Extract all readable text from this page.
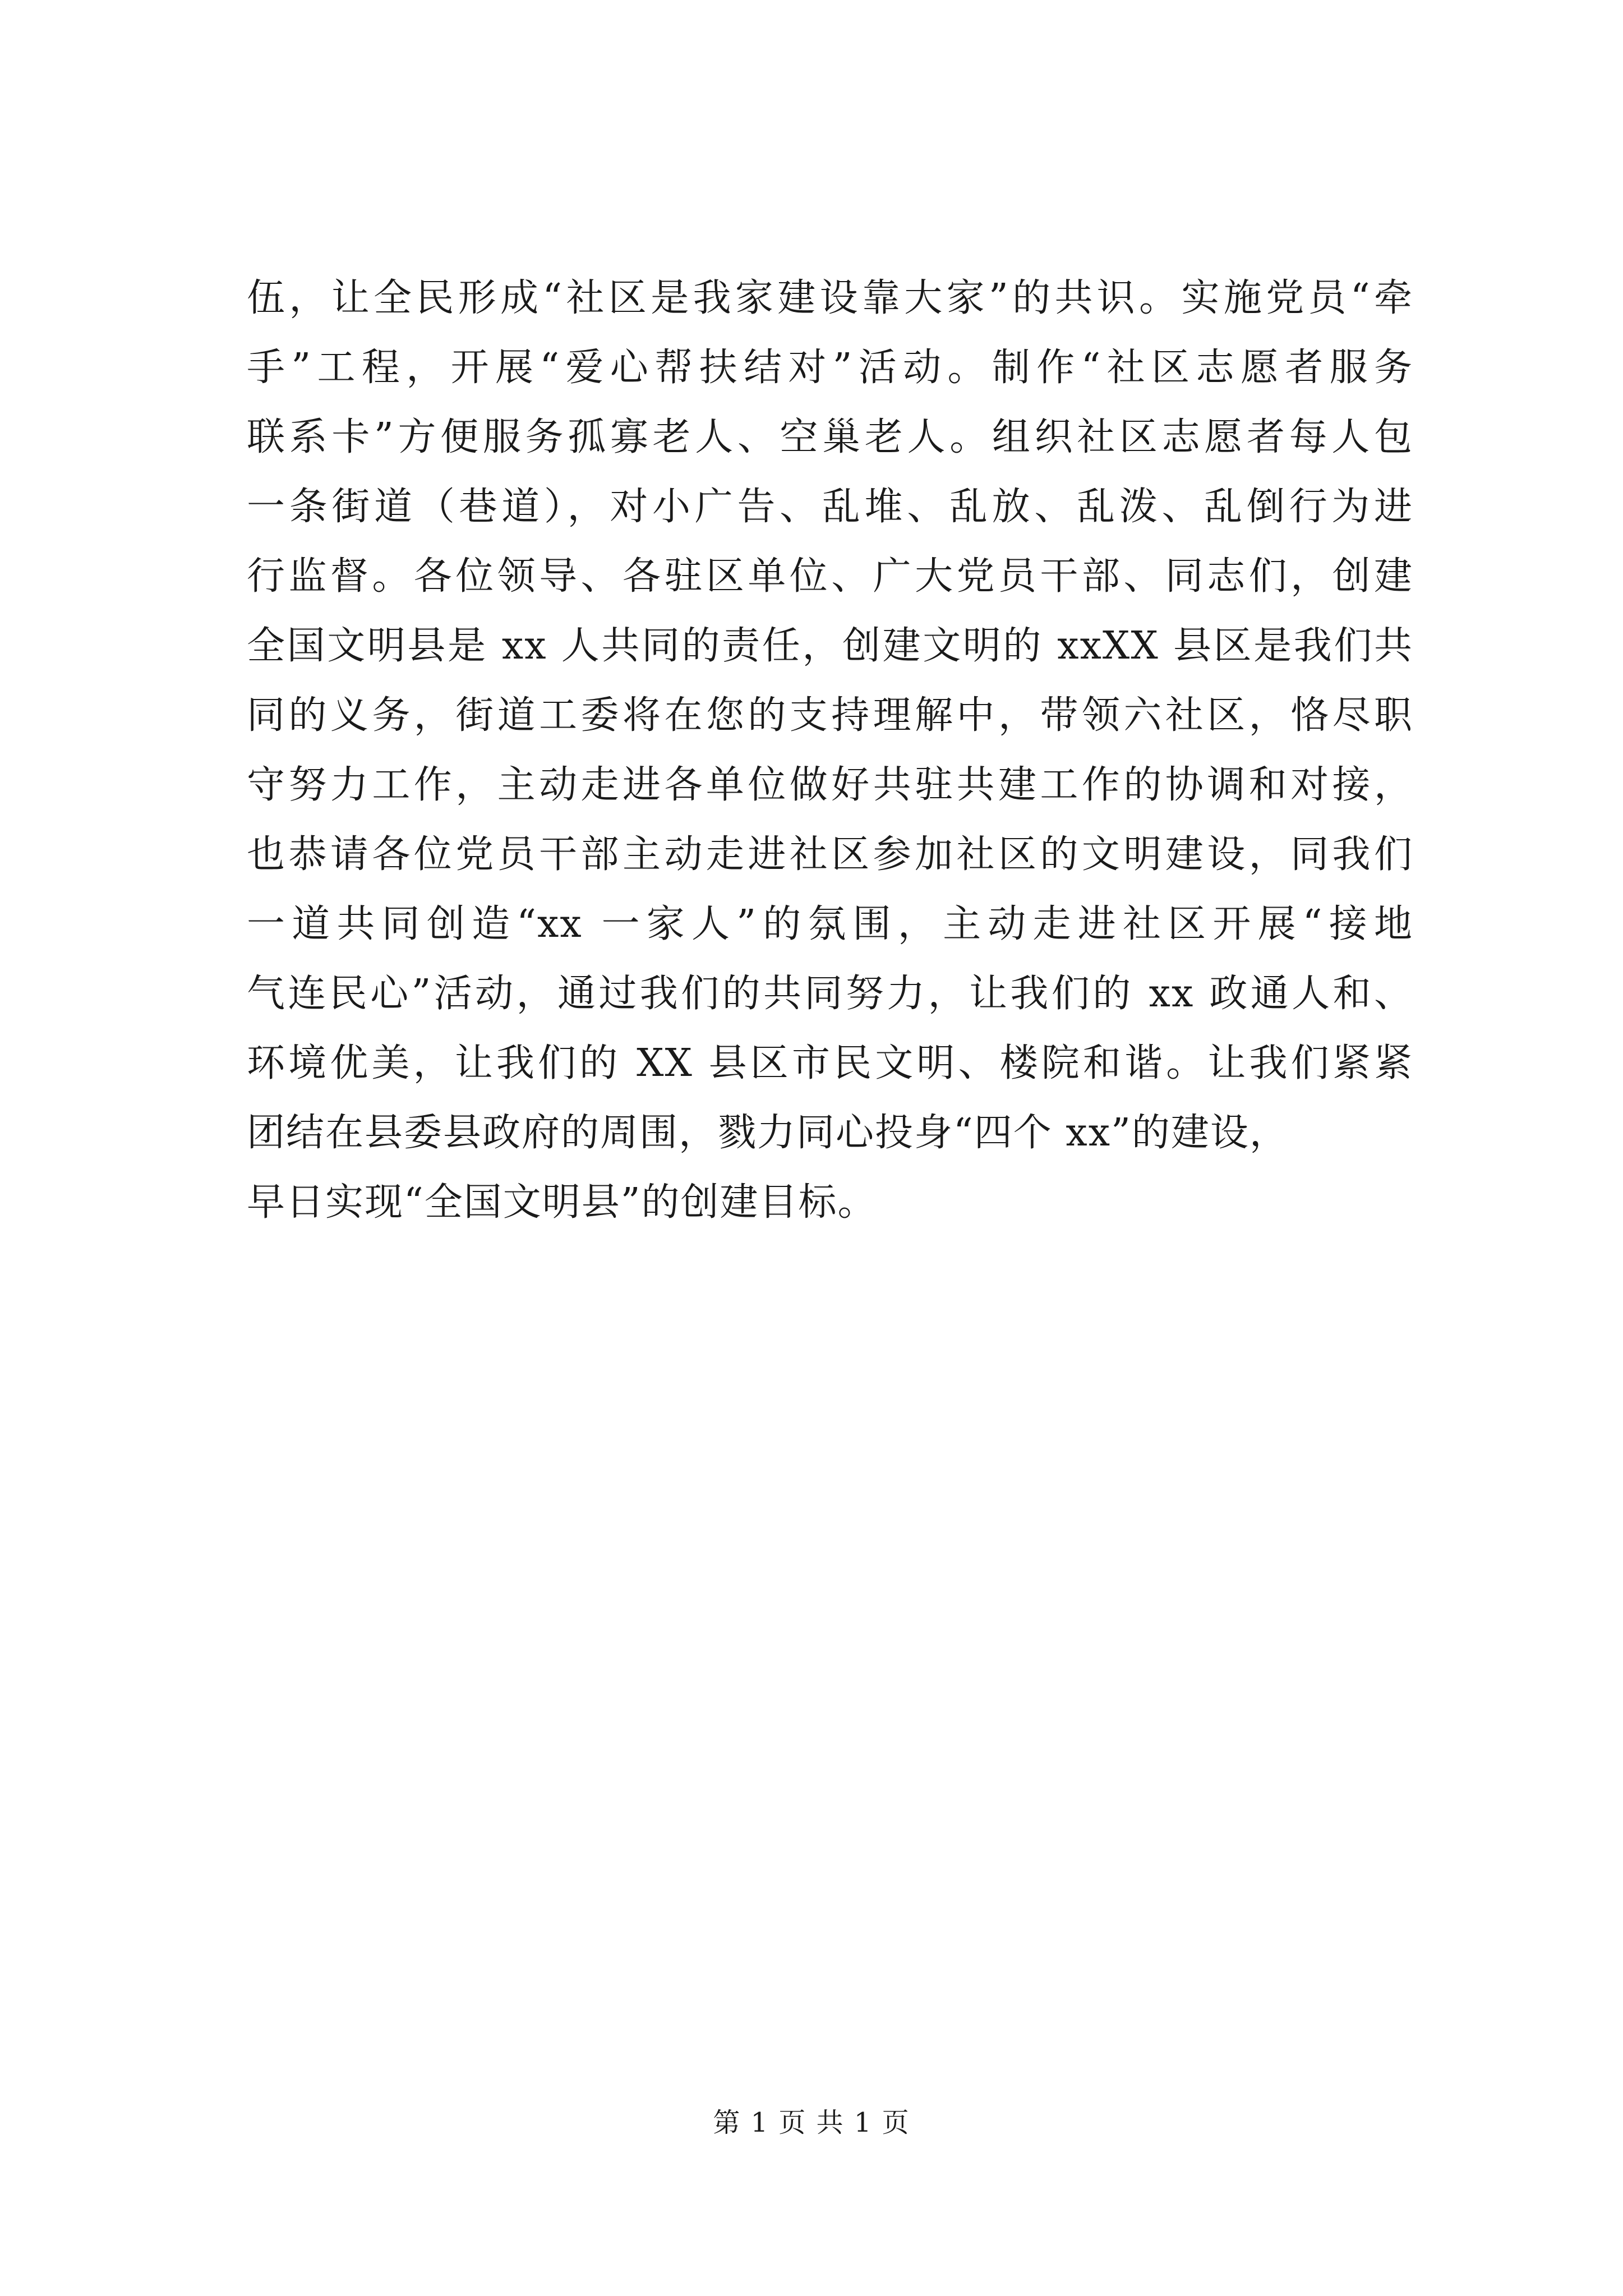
伍，让全民形成“社区是我家建设靠大家”的共识。实施党员“牵
手”工程，开展“爱心帮扶结对”活动。制作“社区志愿者服务
联系卡”方便服务孤寡老人、空巢老人。组织社区志愿者每人包
一条街道（巷道），对小广告、乱堆、乱放、乱泼、乱倒行为进
行监督。各位领导、各驻区单位、广大党员干部、同志们，创建
全国文明县是 xx 人共同的责任，创建文明的 xxXX 县区是我们共
同的义务，街道工委将在您的支持理解中，带领六社区，恪尽职
守努力工作，主动走进各单位做好共驻共建工作的协调和对接，
也恭请各位党员干部主动走进社区参加社区的文明建设，同我们
一道共同创造“xx 一家人”的氛围，主动走进社区开展“接地
气连民心”活动，通过我们的共同努力，让我们的 xx 政通人和、
环境优美，让我们的 XX 县区市民文明、楼院和谐。让我们紧紧
团结在县委县政府的周围，戮力同心投身“四个 xx”的建设，
早日实现“全国文明县”的创建目标。
第 1 页 共 1 页
